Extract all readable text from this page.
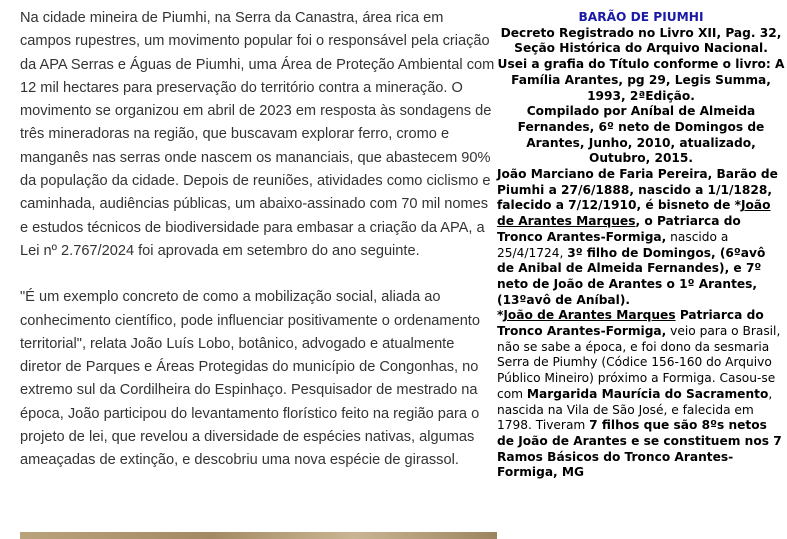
Na cidade mineira de Piumhi, na Serra da Canastra, área rica em campos rupestres, um movimento popular foi o responsável pela criação da APA Serras e Águas de Piumhi, uma Área de Proteção Ambiental com 12 mil hectares para preservação do território contra a mineração. O movimento se organizou em abril de 2023 em resposta às sondagens de três mineradoras na região, que buscavam explorar ferro, cromo e manganês nas serras onde nascem os mananciais, que abastecem 90% da população da cidade. Depois de reuniões, atividades como ciclismo e caminhada, audiências públicas, um abaixo-assinado com 70 mil nomes e estudos técnicos de biodiversidade para embasar a criação da APA, a Lei nº 2.767/2024 foi aprovada em setembro do ano seguinte.

"É um exemplo concreto de como a mobilização social, aliada ao conhecimento científico, pode influenciar positivamente o ordenamento territorial", relata João Luís Lobo, botânico, advogado e atualmente diretor de Parques e Áreas Protegidas do município de Congonhas, no extremo sul da Cordilheira do Espinhaço. Pesquisador de mestrado na época, João participou do levantamento florístico feito na região para o projeto de lei, que revelou a diversidade de espécies nativas, algumas ameaçadas de extinção, e descobriu uma nova espécie de girassol.

BARÃO DE PIUMHI
Decreto Registrado no Livro XII, Pag. 32, Seção Histórica do Arquivo Nacional.
Usei a grafia do Título conforme o livro: A Família Arantes, pg 29, Legis Summa, 1993, 2ªEdição.
Compilado por Aníbal de Almeida Fernandes, 6º neto de Domingos de Arantes, Junho, 2010, atualizado, Outubro, 2015.
João Marciano de Faria Pereira, Barão de Piumhi a 27/6/1888, nascido a 1/1/1828, falecido a 7/12/1910, é bisneto de *João de Arantes Marques, o Patriarca do Tronco Arantes-Formiga, nascido a 25/4/1724, 3º filho de Domingos, (6ºavô de Anibal de Almeida Fernandes), e 7º neto de João de Arantes o 1º Arantes, (13ºavô de Aníbal).
*João de Arantes Marques Patriarca do Tronco Arantes-Formiga, veio para o Brasil, não se sabe a época, e foi dono da sesmaria Serra de Piumhy (Códice 156-160 do Arquivo Público Mineiro) próximo a Formiga. Casou-se com Margarida Maurícia do Sacramento, nascida na Vila de São José, e falecida em 1798. Tiveram 7 filhos que são 8ºs netos de João de Arantes e se constituem nos 7 Ramos Básicos do Tronco Arantes-Formiga, MG
